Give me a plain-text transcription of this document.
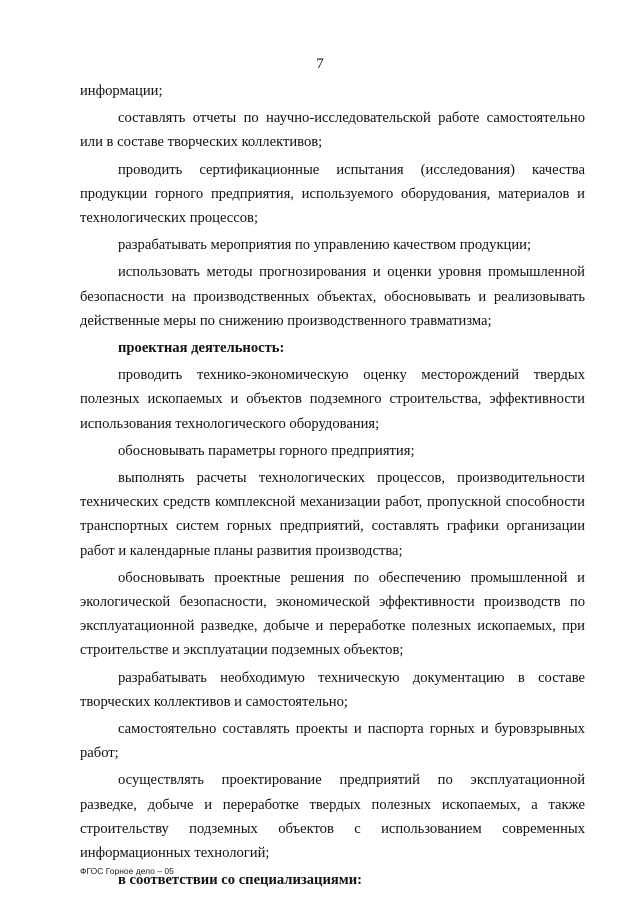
7

информации;

составлять отчеты по научно-исследовательской работе самостоятельно или в составе творческих коллективов;

проводить сертификационные испытания (исследования) качества продукции горного предприятия, используемого оборудования, материалов и технологических процессов;

разрабатывать мероприятия по управлению качеством продукции;

использовать методы прогнозирования и оценки уровня промышленной безопасности на производственных объектах, обосновывать и реализовывать действенные меры по снижению производственного травматизма;

проектная деятельность:

проводить технико-экономическую оценку месторождений твердых полезных ископаемых и объектов подземного строительства, эффективности использования технологического оборудования;

обосновывать параметры горного предприятия;

выполнять расчеты технологических процессов, производительности технических средств комплексной механизации работ, пропускной способности транспортных систем горных предприятий, составлять графики организации работ и календарные планы развития производства;

обосновывать проектные решения по обеспечению промышленной и экологической безопасности, экономической эффективности производств по эксплуатационной разведке, добыче и переработке полезных ископаемых, при строительстве и эксплуатации подземных объектов;

разрабатывать необходимую техническую документацию в составе творческих коллективов и самостоятельно;

самостоятельно составлять проекты и паспорта горных и буровзрывных работ;

осуществлять проектирование предприятий по эксплуатационной разведке, добыче и переработке твердых полезных ископаемых, а также строительству подземных объектов с использованием современных информационных технологий;

в соответствии со специализациями:

ФГОС Горное дело – 05
